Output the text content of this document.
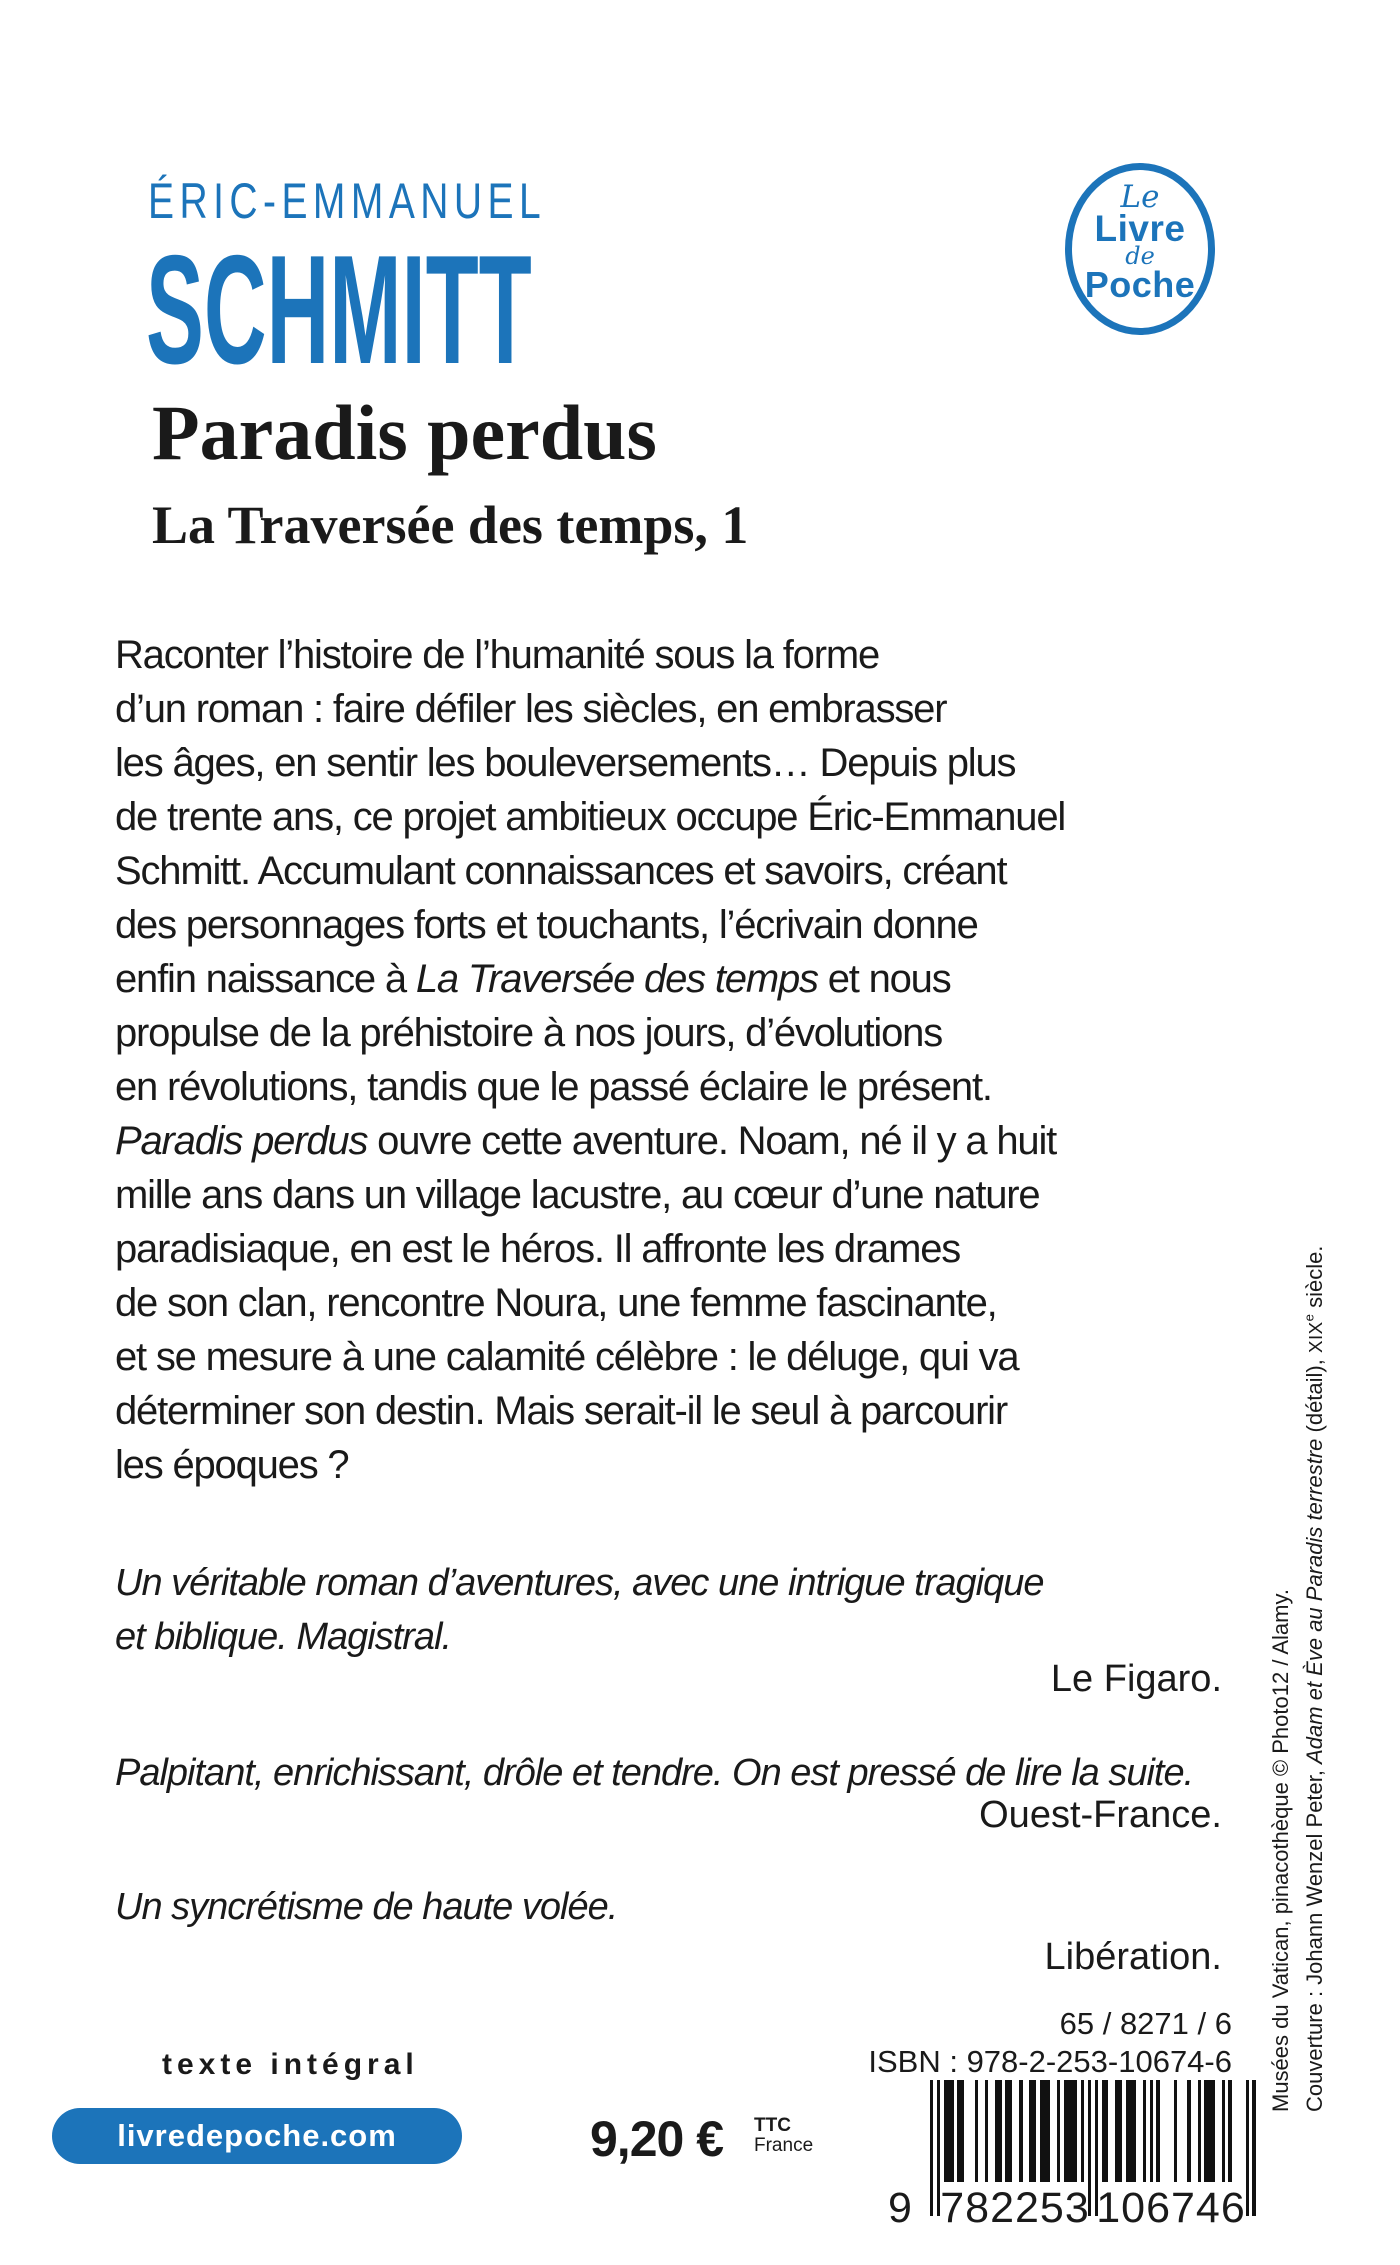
ÉRIC-EMMANUEL
SCHMITT
Paradis perdus
La Traversée des temps, 1
Le
Livre
de
Poche
Raconter l’histoire de l’humanité sous la forme
d’un roman : faire défiler les siècles, en embrasser
les âges, en sentir les bouleversements… Depuis plus
de trente ans, ce projet ambitieux occupe Éric-Emmanuel
Schmitt. Accumulant connaissances et savoirs, créant
des personnages forts et touchants, l’écrivain donne
enfin naissance à La Traversée des temps et nous
propulse de la préhistoire à nos jours, d’évolutions
en révolutions, tandis que le passé éclaire le présent.
Paradis perdus ouvre cette aventure. Noam, né il y a huit
mille ans dans un village lacustre, au cœur d’une nature
paradisiaque, en est le héros. Il affronte les drames
de son clan, rencontre Noura, une femme fascinante,
et se mesure à une calamité célèbre : le déluge, qui va
déterminer son destin. Mais serait-il le seul à parcourir
les époques ?
Un véritable roman d’aventures, avec une intrigue tragique
et biblique. Magistral.
Le Figaro.
Palpitant, enrichissant, drôle et tendre. On est pressé de lire la suite.
Ouest-France.
Un syncrétisme de haute volée.
Libération.
texte intégral
livredepoche.com	9,20 € TTC
France
65 / 8271 / 6
ISBN : 978-2-253-10674-6
9 782253 106746
Couverture : Johann Wenzel Peter, Adam et Ève au Paradis terrestre (détail), XIXe siècle.
Musées du Vatican, pinacothèque © Photo12 / Alamy.
